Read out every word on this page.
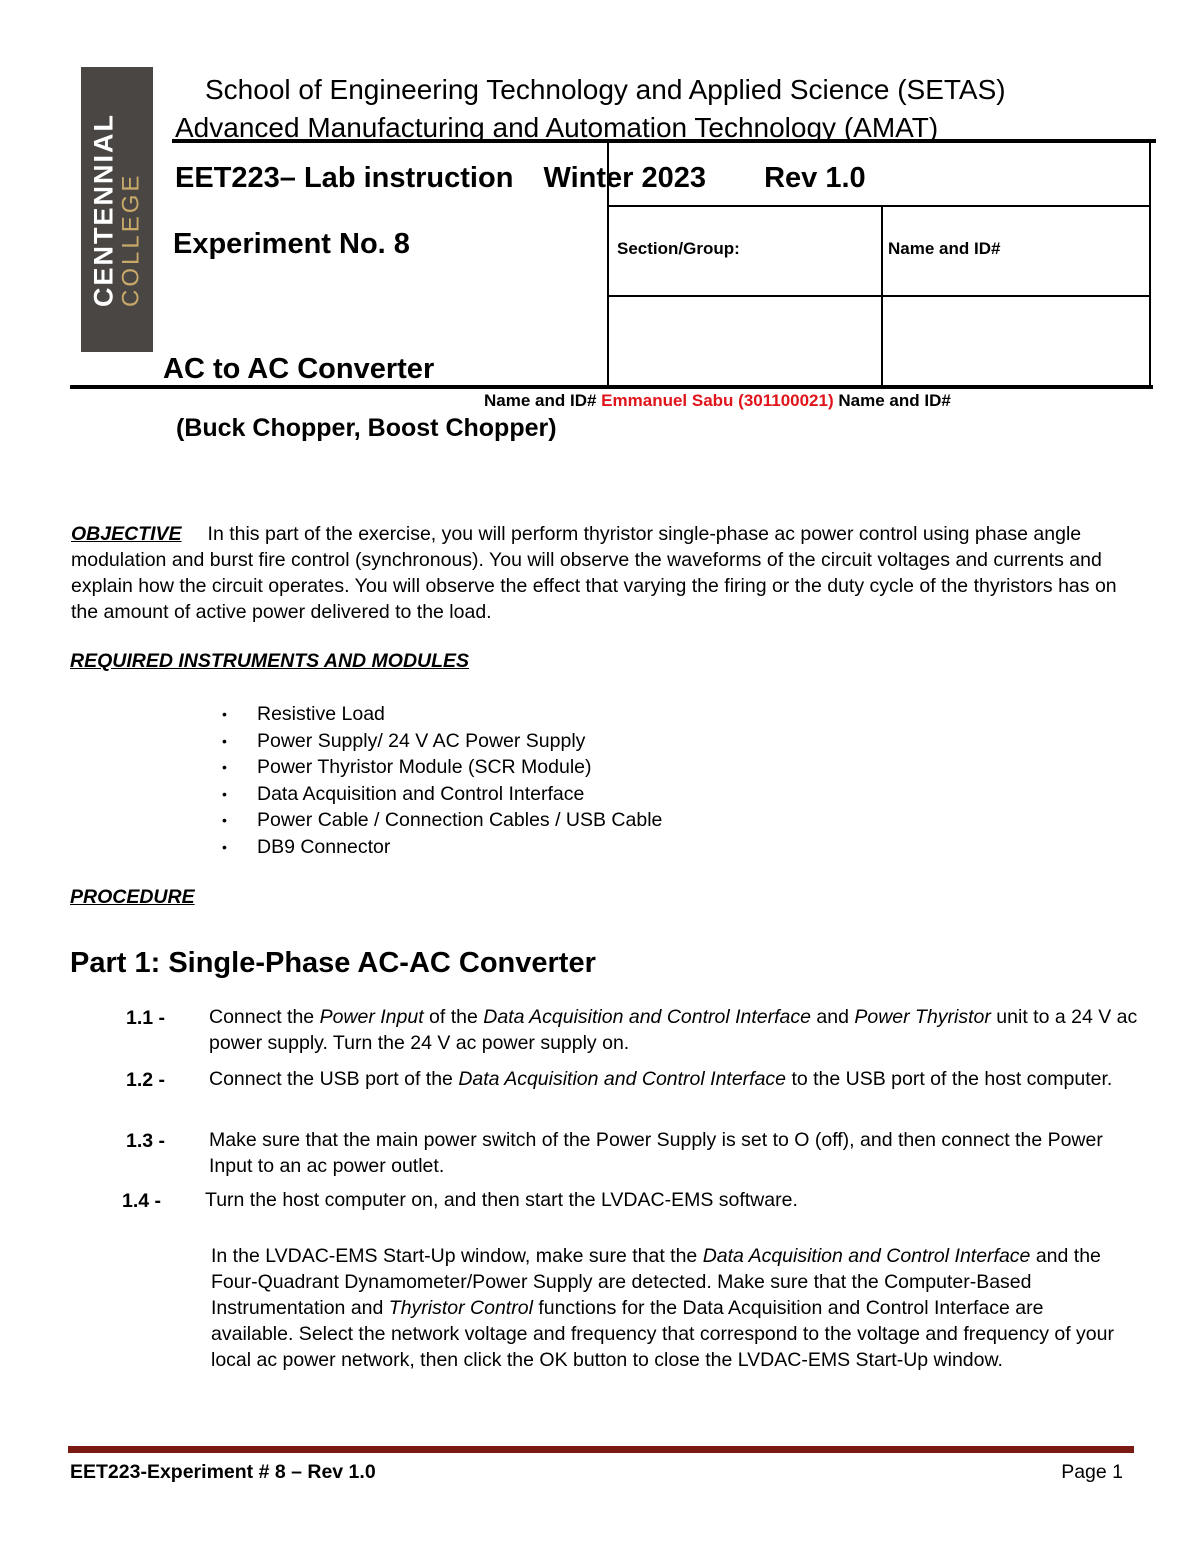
CENTENNIAL COLLEGE
School of Engineering Technology and Applied Science (SETAS)
Advanced Manufacturing and Automation Technology (AMAT)
EET223– Lab instruction Winter 2023 Rev 1.0
Experiment No. 8	Section/Group:	Name and ID#
AC to AC Converter
Name and ID# Emmanuel Sabu (301100021) Name and ID#
(Buck Chopper, Boost Chopper)
OBJECTIVE In this part of the exercise, you will perform thyristor single-phase ac power control using phase angle modulation and burst fire control (synchronous). You will observe the waveforms of the circuit voltages and currents and explain how the circuit operates. You will observe the effect that varying the firing or the duty cycle of the thyristors has on the amount of active power delivered to the load.
REQUIRED INSTRUMENTS AND MODULES
• Resistive Load
• Power Supply/ 24 V AC Power Supply
• Power Thyristor Module (SCR Module)
• Data Acquisition and Control Interface
• Power Cable / Connection Cables / USB Cable
• DB9 Connector
PROCEDURE
Part 1: Single-Phase AC-AC Converter
1.1 - Connect the Power Input of the Data Acquisition and Control Interface and Power Thyristor unit to a 24 V ac power supply. Turn the 24 V ac power supply on.
1.2 - Connect the USB port of the Data Acquisition and Control Interface to the USB port of the host computer.
1.3 - Make sure that the main power switch of the Power Supply is set to O (off), and then connect the Power Input to an ac power outlet.
1.4 - Turn the host computer on, and then start the LVDAC-EMS software.
In the LVDAC-EMS Start-Up window, make sure that the Data Acquisition and Control Interface and the Four-Quadrant Dynamometer/Power Supply are detected. Make sure that the Computer-Based Instrumentation and Thyristor Control functions for the Data Acquisition and Control Interface are available. Select the network voltage and frequency that correspond to the voltage and frequency of your local ac power network, then click the OK button to close the LVDAC-EMS Start-Up window.
EET223-Experiment # 8 – Rev 1.0	Page 1
